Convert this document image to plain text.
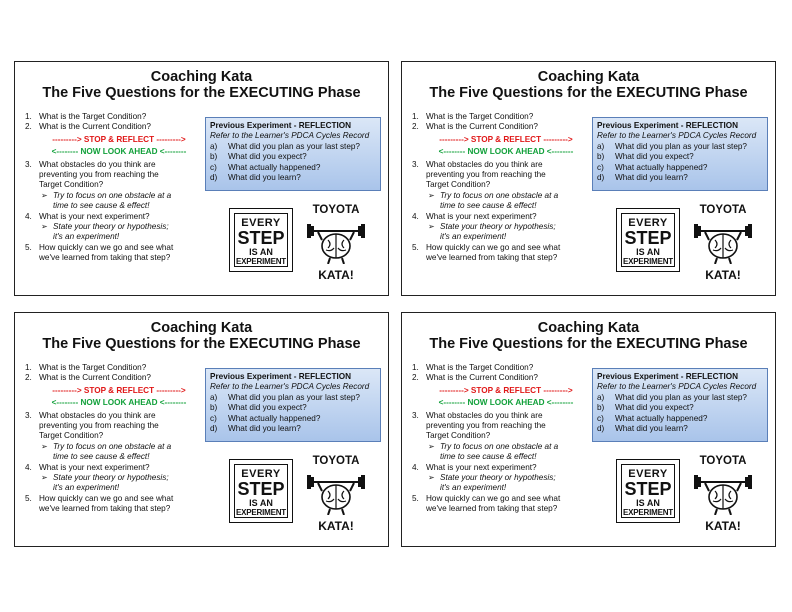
Coaching Kata
The Five Questions for the EXECUTING Phase
1. What is the Target Condition?
2. What is the Current Condition?
---------> STOP & REFLECT --------->
<-------- NOW LOOK AHEAD <--------
3. What obstacles do you think are
preventing you from reaching the
Target Condition?
➢ Try to focus on one obstacle at a
time to see cause & effect!
4. What is your next experiment?
➢ State your theory or hypothesis;
it's an experiment!
5. How quickly can we go and see what
we've learned from taking that step?
Previous Experiment - REFLECTION
Refer to the Learner's PDCA Cycles Record
a)	What did you plan as your last step?
b)	What did you expect?
c)	What actually happened?
d)	What did you learn?
EVERY
STEP
IS AN
EXPERIMENT
TOYOTA
KATA!
Coaching Kata
The Five Questions for the EXECUTING Phase
1. What is the Target Condition?
2. What is the Current Condition?
---------> STOP & REFLECT --------->
<-------- NOW LOOK AHEAD <--------
3. What obstacles do you think are
preventing you from reaching the
Target Condition?
➢ Try to focus on one obstacle at a
time to see cause & effect!
4. What is your next experiment?
➢ State your theory or hypothesis;
it's an experiment!
5. How quickly can we go and see what
we've learned from taking that step?
Previous Experiment - REFLECTION
Refer to the Learner's PDCA Cycles Record
a)	What did you plan as your last step?
b)	What did you expect?
c)	What actually happened?
d)	What did you learn?
EVERY
STEP
IS AN
EXPERIMENT
TOYOTA
KATA!
Coaching Kata
The Five Questions for the EXECUTING Phase
1. What is the Target Condition?
2. What is the Current Condition?
---------> STOP & REFLECT --------->
<-------- NOW LOOK AHEAD <--------
3. What obstacles do you think are
preventing you from reaching the
Target Condition?
➢ Try to focus on one obstacle at a
time to see cause & effect!
4. What is your next experiment?
➢ State your theory or hypothesis;
it's an experiment!
5. How quickly can we go and see what
we've learned from taking that step?
Previous Experiment - REFLECTION
Refer to the Learner's PDCA Cycles Record
a)	What did you plan as your last step?
b)	What did you expect?
c)	What actually happened?
d)	What did you learn?
EVERY
STEP
IS AN
EXPERIMENT
TOYOTA
KATA!
Coaching Kata
The Five Questions for the EXECUTING Phase
1. What is the Target Condition?
2. What is the Current Condition?
---------> STOP & REFLECT --------->
<-------- NOW LOOK AHEAD <--------
3. What obstacles do you think are
preventing you from reaching the
Target Condition?
➢ Try to focus on one obstacle at a
time to see cause & effect!
4. What is your next experiment?
➢ State your theory or hypothesis;
it's an experiment!
5. How quickly can we go and see what
we've learned from taking that step?
Previous Experiment - REFLECTION
Refer to the Learner's PDCA Cycles Record
a)	What did you plan as your last step?
b)	What did you expect?
c)	What actually happened?
d)	What did you learn?
EVERY
STEP
IS AN
EXPERIMENT
TOYOTA
KATA!
